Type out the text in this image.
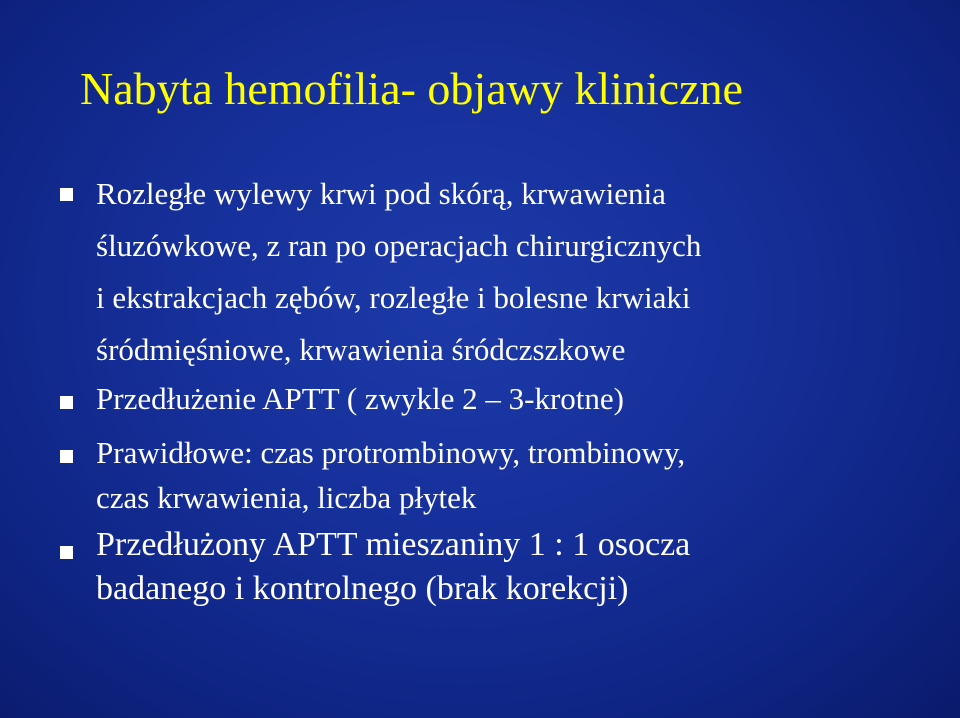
Nabyta hemofilia- objawy kliniczne
Rozległe wylewy krwi pod skórą, krwawienia
śluzówkowe, z ran po operacjach chirurgicznych
i ekstrakcjach zębów, rozległe i bolesne krwiaki
śródmięśniowe, krwawienia śródczszkowe
Przedłużenie APTT ( zwykle 2 – 3-krotne)
Prawidłowe: czas protrombinowy, trombinowy,
czas krwawienia, liczba płytek
Przedłużony APTT mieszaniny 1 : 1 osocza
badanego i kontrolnego (brak korekcji)
